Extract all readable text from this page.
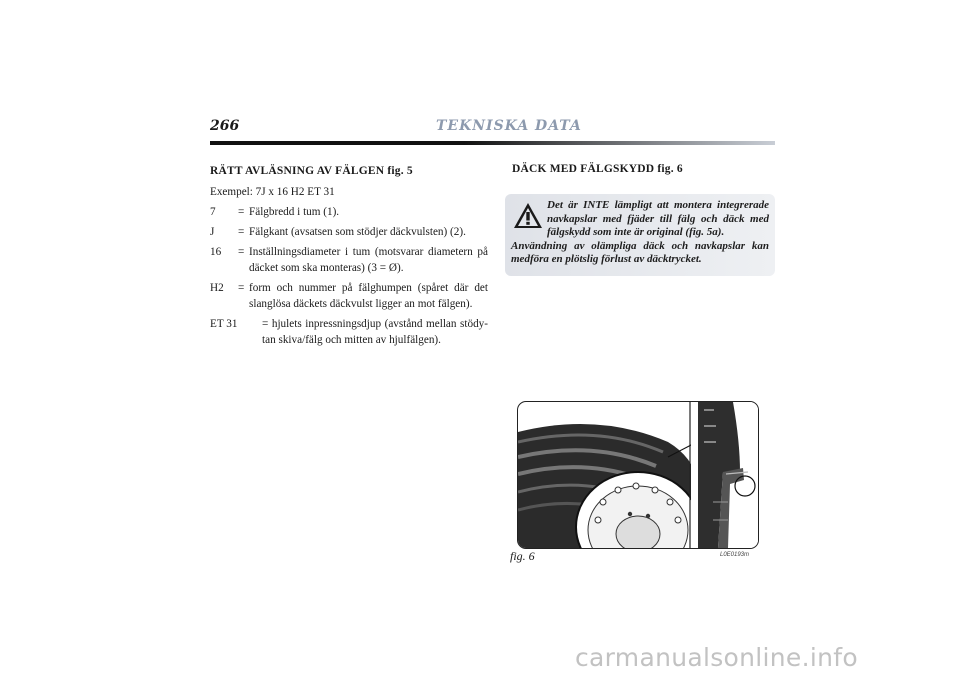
266	TEKNISKA DATA
RÄTT AVLÄSNING AV FÄLGEN fig. 5
Exempel: 7J x 16 H2 ET 31
7	= Fälgbredd i tum (1).
J	= Fälgkant (avsatsen som stödjer däckvulsten) (2).
16	= Inställningsdiameter i tum (motsvarar diametern på däcket som ska monteras) (3 = Ø).
H2	= form och nummer på fälghumpen (spåret där det slanglösa däckets däckvulst ligger an mot fälgen).
ET 31	= hjulets inpressningsdjup (avstånd mellan stödytan skiva/fälg och mitten av hjulfälgen).
DÄCK MED FÄLGSKYDD fig. 6
Det är INTE lämpligt att montera integrerade navkapslar med fjäder till fälg och däck med fälgskydd som inte är original (fig. 5a).
Användning av olämpliga däck och navkapslar kan medföra en plötslig förlust av däcktrycket.
fig. 6	L0E0193m
carmanualsonline.info
